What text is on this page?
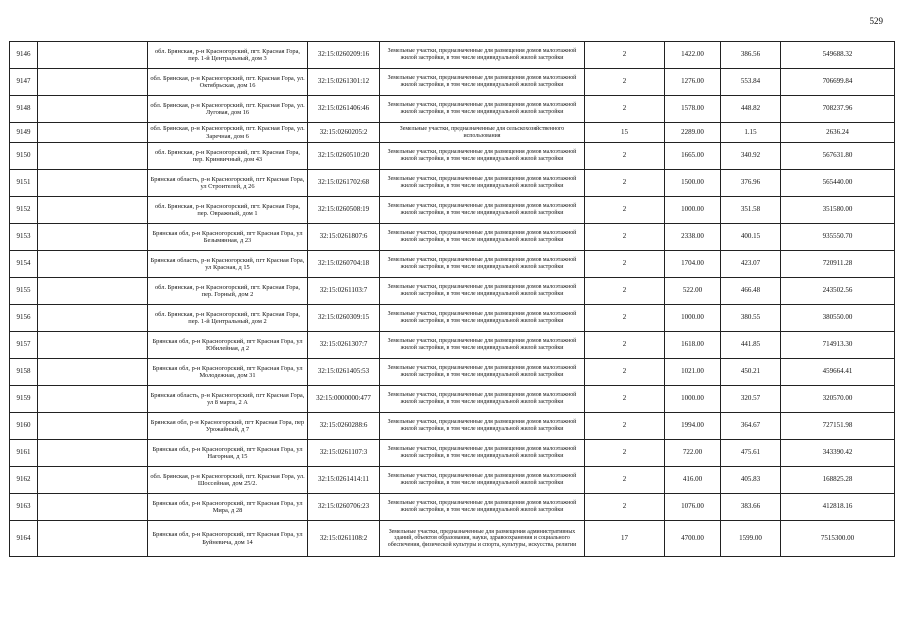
529
9146		обл. Брянская, р-н Красногорский, пгт. Красная Гора, пер. 1-й Центральный, дом 3	32:15:0260209:16	Земельные участки, предназначенные для размещения домов малоэтажной жилой застройки, в том числе индивидуальной жилой застройки	2	1422.00	386.56	549688.32
9147		обл. Брянская, р-н Красногорский, пгт. Красная Гора, ул. Октябрьская, дом 16	32:15:0261301:12	Земельные участки, предназначенные для размещения домов малоэтажной жилой застройки, в том числе индивидуальной жилой застройки	2	1276.00	553.84	706699.84
9148		обл. Брянская, р-н Красногорский, пгт. Красная Гора, ул. Луговая, дом 16	32:15:0261406:46	Земельные участки, предназначенные для размещения домов малоэтажной жилой застройки, в том числе индивидуальной жилой застройки	2	1578.00	448.82	708237.96
9149		обл. Брянская, р-н Красногорский, пгт. Красная Гора, ул. Заречная, дом 6	32:15:0260205:2	Земельные участки, предназначенные для сельскохозяйственного использования	15	2289.00	1.15	2636.24
9150		обл. Брянская, р-н Красногорский, пгт. Красная Гора, пер. Кринвичный, дом 43	32:15:0260510:20	Земельные участки, предназначенные для размещения домов малоэтажной жилой застройки, в том числе индивидуальной жилой застройки	2	1665.00	340.92	567631.80
9151		Брянская область, р-н Красногорский, пгт Красная Гора, ул Строителей, д 26	32:15:0261702:68	Земельные участки, предназначенные для размещения домов малоэтажной жилой застройки, в том числе индивидуальной жилой застройки	2	1500.00	376.96	565440.00
9152		обл. Брянская, р-н Красногорский, пгт. Красная Гора, пер. Овражный, дом 1	32:15:0260508:19	Земельные участки, предназначенные для размещения домов малоэтажной жилой застройки, в том числе индивидуальной жилой застройки	2	1000.00	351.58	351580.00
9153		Брянская обл, р-н Красногорский, пгт Красная Гора, ул Безымянная, д 23	32:15:0261807:6	Земельные участки, предназначенные для размещения домов малоэтажной жилой застройки, в том числе индивидуальной жилой застройки	2	2338.00	400.15	935550.70
9154		Брянская область, р-н Красногорский, пгт Красная Гора, ул Красная, д 15	32:15:0260704:18	Земельные участки, предназначенные для размещения домов малоэтажной жилой застройки, в том числе индивидуальной жилой застройки	2	1704.00	423.07	720911.28
9155		обл. Брянская, р-н Красногорский, пгт. Красная Гора, пер. Горный, дом 2	32:15:0261103:7	Земельные участки, предназначенные для размещения домов малоэтажной жилой застройки, в том числе индивидуальной жилой застройки	2	522.00	466.48	243502.56
9156		обл. Брянская, р-н Красногорский, пгт. Красная Гора, пер. 1-й Центральный, дом 2	32:15:0260309:15	Земельные участки, предназначенные для размещения домов малоэтажной жилой застройки, в том числе индивидуальной жилой застройки	2	1000.00	380.55	380550.00
9157		Брянская обл, р-н Красногорский, пгт Красная Гора, ул Юбилейная, д 2	32:15:0261307:7	Земельные участки, предназначенные для размещения домов малоэтажной жилой застройки, в том числе индивидуальной жилой застройки	2	1618.00	441.85	714913.30
9158		Брянская обл, р-н Красногорский, пгт Красная Гора, ул Молодежная, дом 31	32:15:0261405:53	Земельные участки, предназначенные для размещения домов малоэтажной жилой застройки, в том числе индивидуальной жилой застройки	2	1021.00	450.21	459664.41
9159		Брянская область, р-н Красногорский, пгт Красная Гора, ул 8 марта, 2 А	32:15:0000000:477	Земельные участки, предназначенные для размещения домов малоэтажной жилой застройки, в том числе индивидуальной жилой застройки	2	1000.00	320.57	320570.00
9160		Брянская обл, р-н Красногорский, пгт Красная Гора, пер Урожайный, д 7	32:15:0260288:6	Земельные участки, предназначенные для размещения домов малоэтажной жилой застройки, в том числе индивидуальной жилой застройки	2	1994.00	364.67	727151.98
9161		Брянская обл, р-н Красногорский, пгт Красная Гора, ул Нагорная, д 15	32:15:0261107:3	Земельные участки, предназначенные для размещения домов малоэтажной жилой застройки, в том числе индивидуальной жилой застройки	2	722.00	475.61	343390.42
9162		обл. Брянская, р-н Красногорский, пгт. Красная Гора, ул. Шоссейная, дом 25/2.	32:15:0261414:11	Земельные участки, предназначенные для размещения домов малоэтажной жилой застройки, в том числе индивидуальной жилой застройки	2	416.00	405.83	168825.28
9163		Брянская обл, р-н Красногорский, пгт Красная Гора, ул Мира, д 28	32:15:0260706:23	Земельные участки, предназначенные для размещения домов малоэтажной жилой застройки, в том числе индивидуальной жилой застройки	2	1076.00	383.66	412818.16
9164		Брянская обл, р-н Красногорский, пгт Красная Гора, ул Буйневича, дом 14	32:15:0261108:2	Земельные участки, предназначенные для размещения административных зданий, объектов образования, науки, здравоохранения и социального обеспечения, физической культуры и спорта, культуры, искусства, религии	17	4700.00	1599.00	7515300.00
